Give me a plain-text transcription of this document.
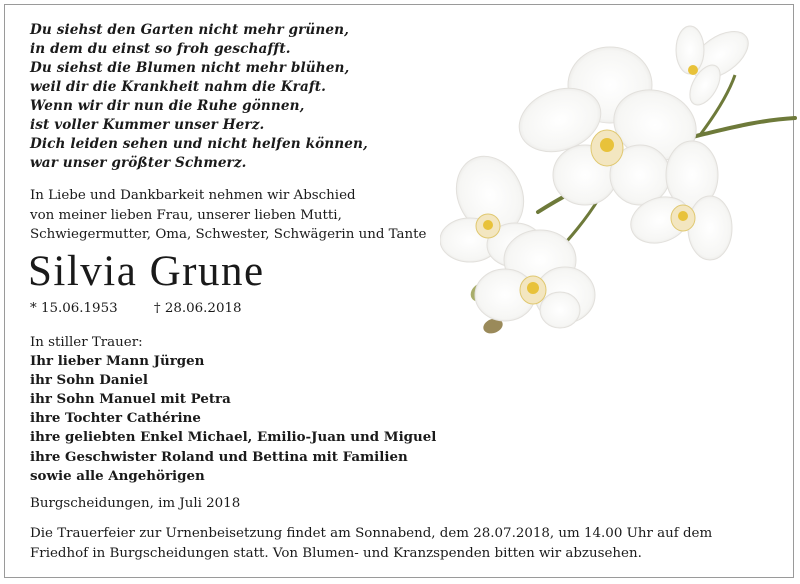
Du siehst den Garten nicht mehr grünen,
in dem du einst so froh geschafft.
Du siehst die Blumen nicht mehr blühen,
weil dir die Krankheit nahm die Kraft.
Wenn wir dir nun die Ruhe gönnen,
ist voller Kummer unser Herz.
Dich leiden sehen und nicht helfen können,
war unser größter Schmerz.
In Liebe und Dankbarkeit nehmen wir Abschied
von meiner lieben Frau, unserer lieben Mutti,
Schwiegermutter, Oma, Schwester, Schwägerin und Tante
Silvia Grune
* 15.06.1953	† 28.06.2018
In stiller Trauer:
Ihr lieber Mann Jürgen
ihr Sohn Daniel
ihr Sohn Manuel mit Petra
ihre Tochter Cathérine
ihre geliebten Enkel Michael, Emilio-Juan und Miguel
ihre Geschwister Roland und Bettina mit Familien
sowie alle Angehörigen
Burgscheidungen, im Juli 2018
Die Trauerfeier zur Urnenbeisetzung findet am Sonnabend, dem 28.07.2018, um 14.00 Uhr auf dem
Friedhof in Burgscheidungen statt. Von Blumen- und Kranzspenden bitten wir abzusehen.
